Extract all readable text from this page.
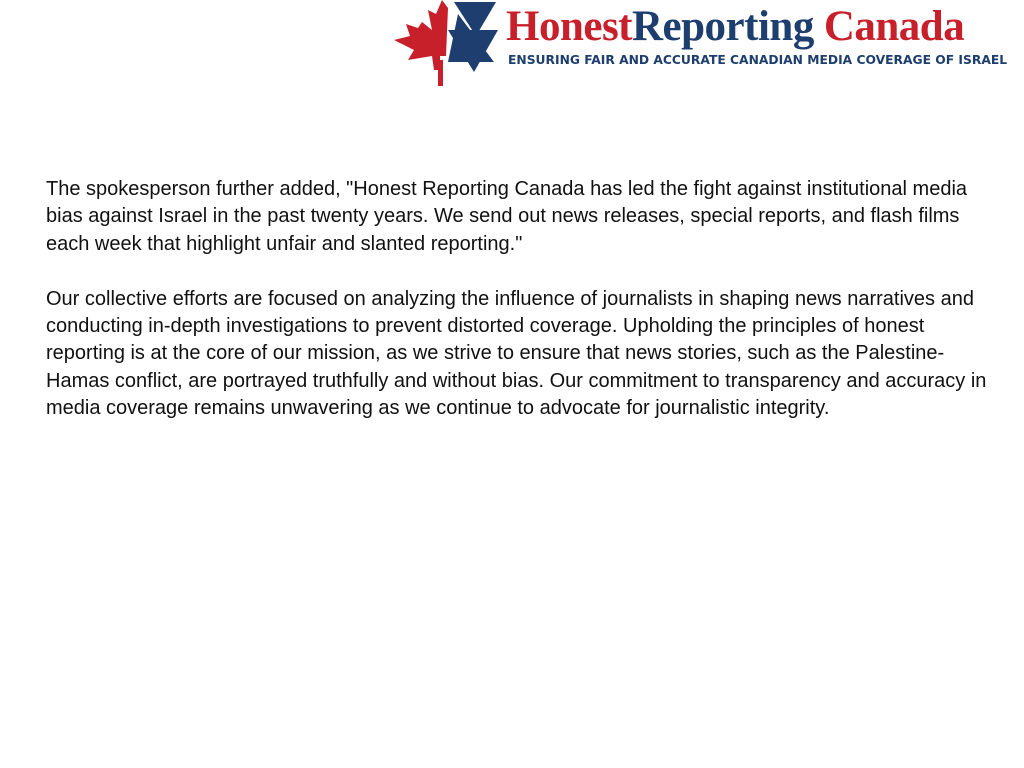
HonestReporting Canada
ENSURING FAIR AND ACCURATE CANADIAN MEDIA COVERAGE OF ISRAEL

The spokesperson further added, "Honest Reporting Canada has led the fight against institutional media bias against Israel in the past twenty years. We send out news releases, special reports, and flash films each week that highlight unfair and slanted reporting."

Our collective efforts are focused on analyzing the influence of journalists in shaping news narratives and conducting in-depth investigations to prevent distorted coverage. Upholding the principles of honest reporting is at the core of our mission, as we strive to ensure that news stories, such as the Palestine-Hamas conflict, are portrayed truthfully and without bias. Our commitment to transparency and accuracy in media coverage remains unwavering as we continue to advocate for journalistic integrity.
